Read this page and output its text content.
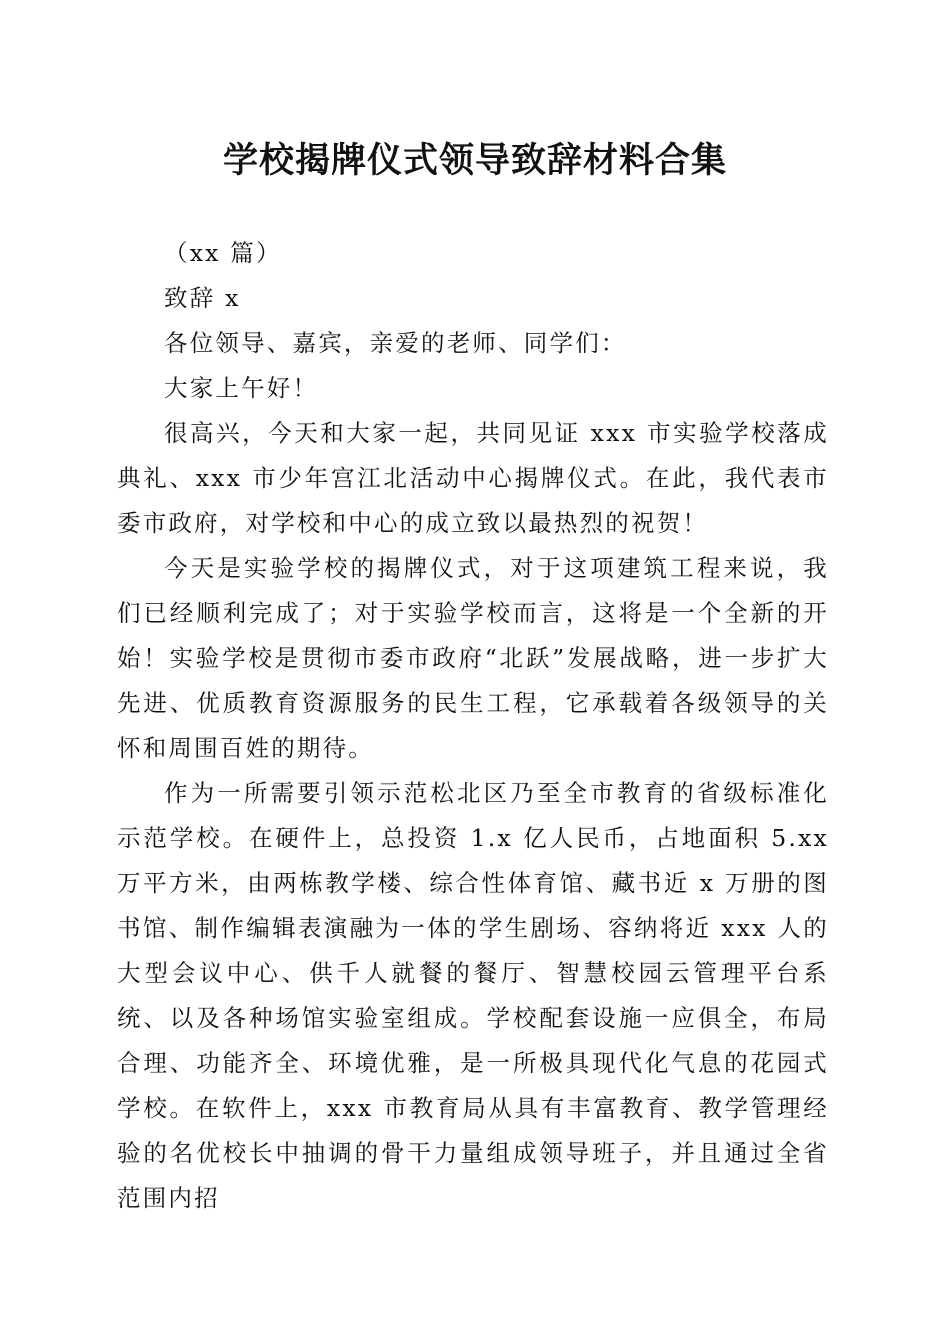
学校揭牌仪式领导致辞材料合集

（xx 篇）

致辞 x

各位领导、嘉宾，亲爱的老师、同学们：

大家上午好！

很高兴，今天和大家一起，共同见证 xxx 市实验学校落成典礼、xxx 市少年宫江北活动中心揭牌仪式。在此，我代表市委市政府，对学校和中心的成立致以最热烈的祝贺！

今天是实验学校的揭牌仪式，对于这项建筑工程来说，我们已经顺利完成了；对于实验学校而言，这将是一个全新的开始！实验学校是贯彻市委市政府“北跃”发展战略，进一步扩大先进、优质教育资源服务的民生工程，它承载着各级领导的关怀和周围百姓的期待。

作为一所需要引领示范松北区乃至全市教育的省级标准化示范学校。在硬件上，总投资 1.x 亿人民币，占地面积 5.xx 万平方米，由两栋教学楼、综合性体育馆、藏书近 x 万册的图书馆、制作编辑表演融为一体的学生剧场、容纳将近 xxx 人的大型会议中心、供千人就餐的餐厅、智慧校园云管理平台系统、以及各种场馆实验室组成。学校配套设施一应俱全，布局合理、功能齐全、环境优雅，是一所极具现代化气息的花园式学校。在软件上，xxx 市教育局从具有丰富教育、教学管理经验的名优校长中抽调的骨干力量组成领导班子，并且通过全省范围内招
